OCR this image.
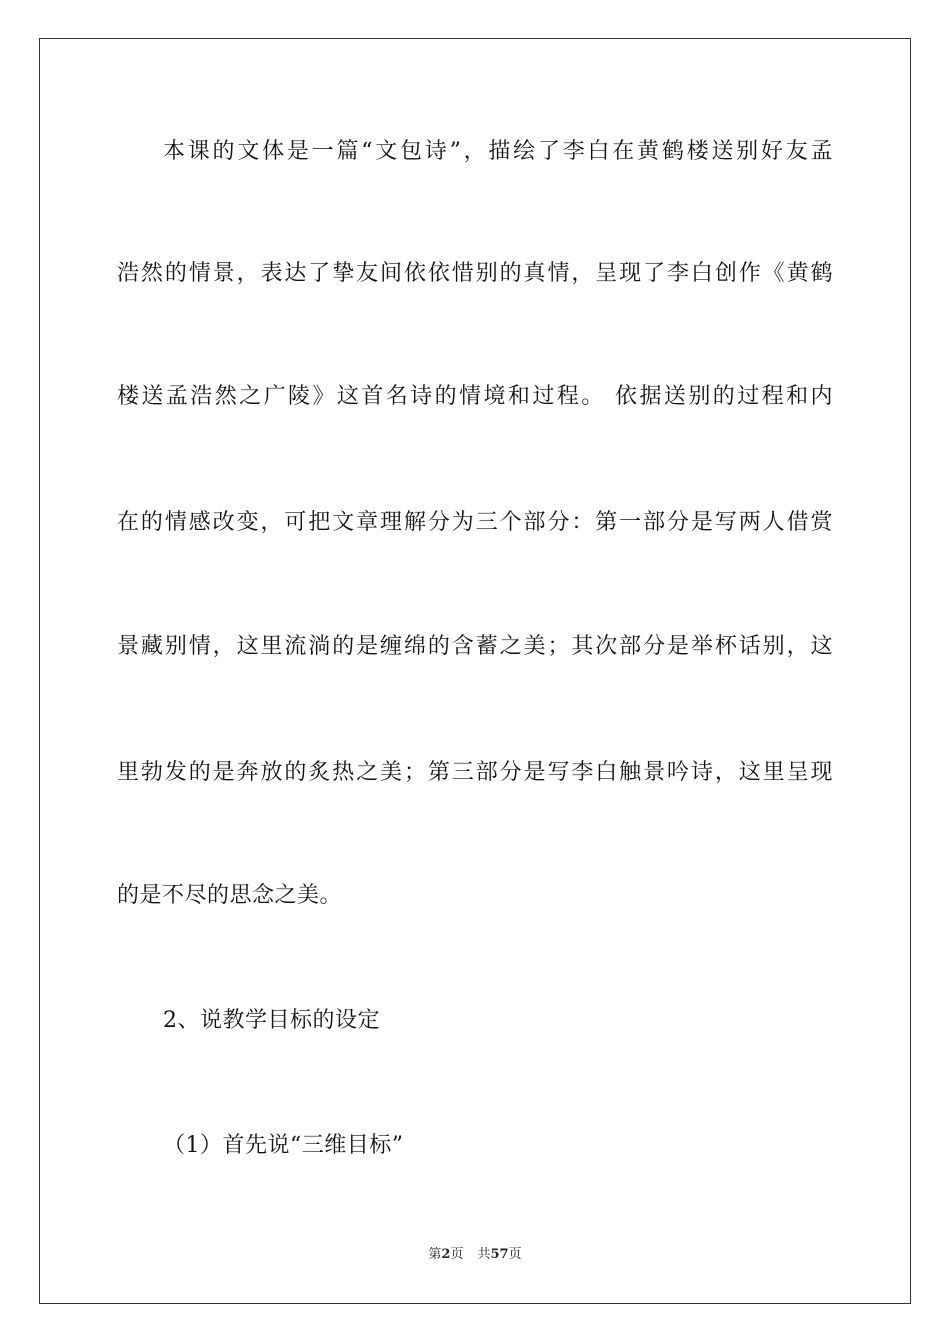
本课的文体是一篇“文包诗”，描绘了李白在黄鹤楼送别好友孟
浩然的情景，表达了挚友间依依惜别的真情，呈现了李白创作《黄鹤
楼送孟浩然之广陵》这首名诗的情境和过程。 依据送别的过程和内
在的情感改变，可把文章理解分为三个部分：第一部分是写两人借赏
景藏别情，这里流淌的是缠绵的含蓄之美；其次部分是举杯话别，这
里勃发的是奔放的炙热之美；第三部分是写李白触景吟诗，这里呈现
的是不尽的思念之美。
2、说教学目标的设定
（1）首先说“三维目标”
第2页 共57页
